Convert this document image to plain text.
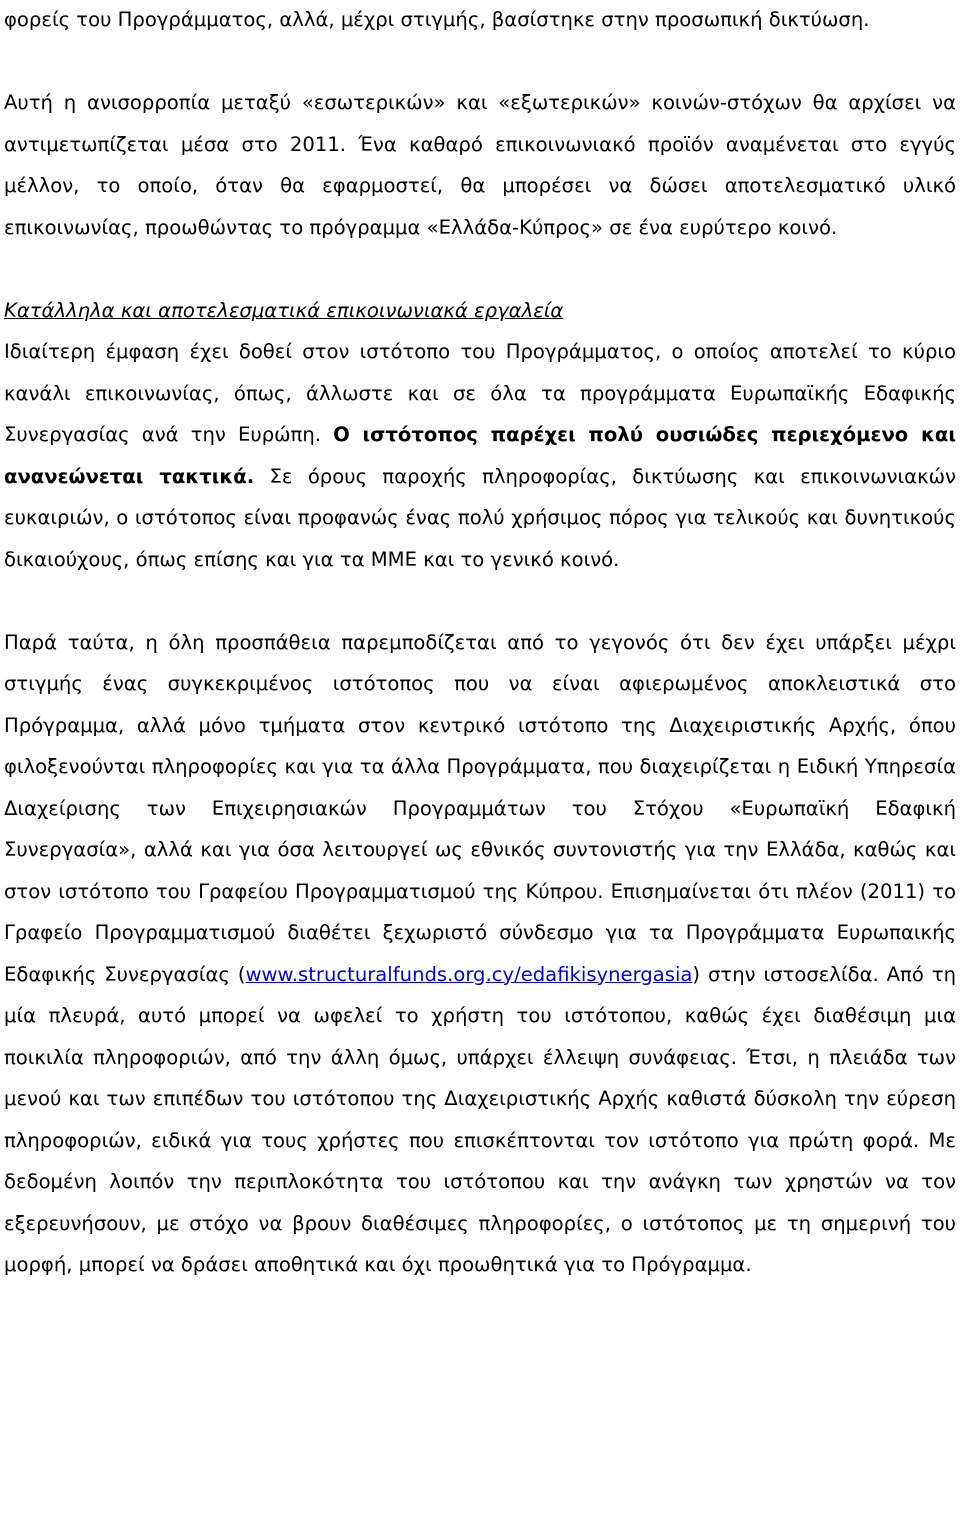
φορείς του Προγράμματος, αλλά, μέχρι στιγμής, βασίστηκε στην προσωπική δικτύωση.

Αυτή η ανισορροπία μεταξύ «εσωτερικών» και «εξωτερικών» κοινών-στόχων θα αρχίσει να αντιμετωπίζεται μέσα στο 2011. Ένα καθαρό επικοινωνιακό προϊόν αναμένεται στο εγγύς μέλλον, το οποίο, όταν θα εφαρμοστεί, θα μπορέσει να δώσει αποτελεσματικό υλικό επικοινωνίας, προωθώντας το πρόγραμμα «Ελλάδα-Κύπρος» σε ένα ευρύτερο κοινό.

Κατάλληλα και αποτελεσματικά επικοινωνιακά εργαλεία

Ιδιαίτερη έμφαση έχει δοθεί στον ιστότοπο του Προγράμματος, ο οποίος αποτελεί το κύριο κανάλι επικοινωνίας, όπως, άλλωστε και σε όλα τα προγράμματα Ευρωπαϊκής Εδαφικής Συνεργασίας ανά την Ευρώπη. Ο ιστότοπος παρέχει πολύ ουσιώδες περιεχόμενο και ανανεώνεται τακτικά. Σε όρους παροχής πληροφορίας, δικτύωσης και επικοινωνιακών ευκαιριών, ο ιστότοπος είναι προφανώς ένας πολύ χρήσιμος πόρος για τελικούς και δυνητικούς δικαιούχους, όπως επίσης και για τα ΜΜΕ και το γενικό κοινό.

Παρά ταύτα, η όλη προσπάθεια παρεμποδίζεται από το γεγονός ότι δεν έχει υπάρξει μέχρι στιγμής ένας συγκεκριμένος ιστότοπος που να είναι αφιερωμένος αποκλειστικά στο Πρόγραμμα, αλλά μόνο τμήματα στον κεντρικό ιστότοπο της Διαχειριστικής Αρχής, όπου φιλοξενούνται πληροφορίες και για τα άλλα Προγράμματα, που διαχειρίζεται η Ειδική Υπηρεσία Διαχείρισης των Επιχειρησιακών Προγραμμάτων του Στόχου «Ευρωπαϊκή Εδαφική Συνεργασία», αλλά και για όσα λειτουργεί ως εθνικός συντονιστής για την Ελλάδα, καθώς και στον ιστότοπο του Γραφείου Προγραμματισμού της Κύπρου. Επισημαίνεται ότι πλέον (2011) το Γραφείο Προγραμματισμού διαθέτει ξεχωριστό σύνδεσμο για τα Προγράμματα Ευρωπαικής Εδαφικής Συνεργασίας (www.structuralfunds.org.cy/edafikisynergasia) στην ιστοσελίδα. Από τη μία πλευρά, αυτό μπορεί να ωφελεί το χρήστη του ιστότοπου, καθώς έχει διαθέσιμη μια ποικιλία πληροφοριών, από την άλλη όμως, υπάρχει έλλειψη συνάφειας. Έτσι, η πλειάδα των μενού και των επιπέδων του ιστότοπου της Διαχειριστικής Αρχής καθιστά δύσκολη την εύρεση πληροφοριών, ειδικά για τους χρήστες που επισκέπτονται τον ιστότοπο για πρώτη φορά. Με δεδομένη λοιπόν την περιπλοκότητα του ιστότοπου και την ανάγκη των χρηστών να τον εξερευνήσουν, με στόχο να βρουν διαθέσιμες πληροφορίες, ο ιστότοπος με τη σημερινή του μορφή, μπορεί να δράσει αποθητικά και όχι προωθητικά για το Πρόγραμμα.
